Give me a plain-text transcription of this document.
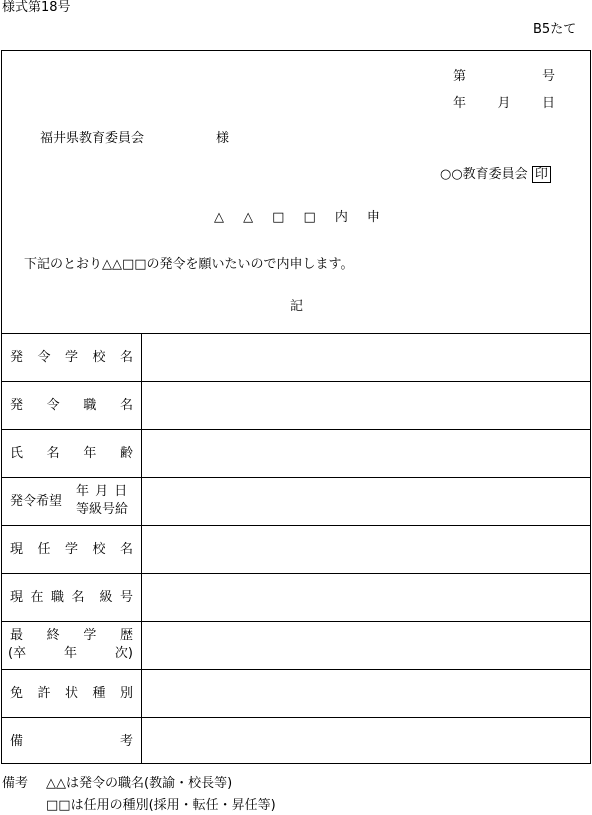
様式第18号
B5たて
第	号
年 月 日
福井県教育委員会	様
○○教育委員会 印
△ △ □ □ 内 申
下記のとおり△△□□の発令を願いたいので内申します。
記
発 令 学 校 名
発 令 職 名
氏 名 年 齢
発令希望
年 月 日
等級号給
現 任 学 校 名
現 在 職 名 級 号
最 終 学 歴
(卒	年	次)
免 許 状 種 別
備	考
備考 △△は発令の職名(教諭・校長等)
□□は任用の種別(採用・転任・昇任等)
